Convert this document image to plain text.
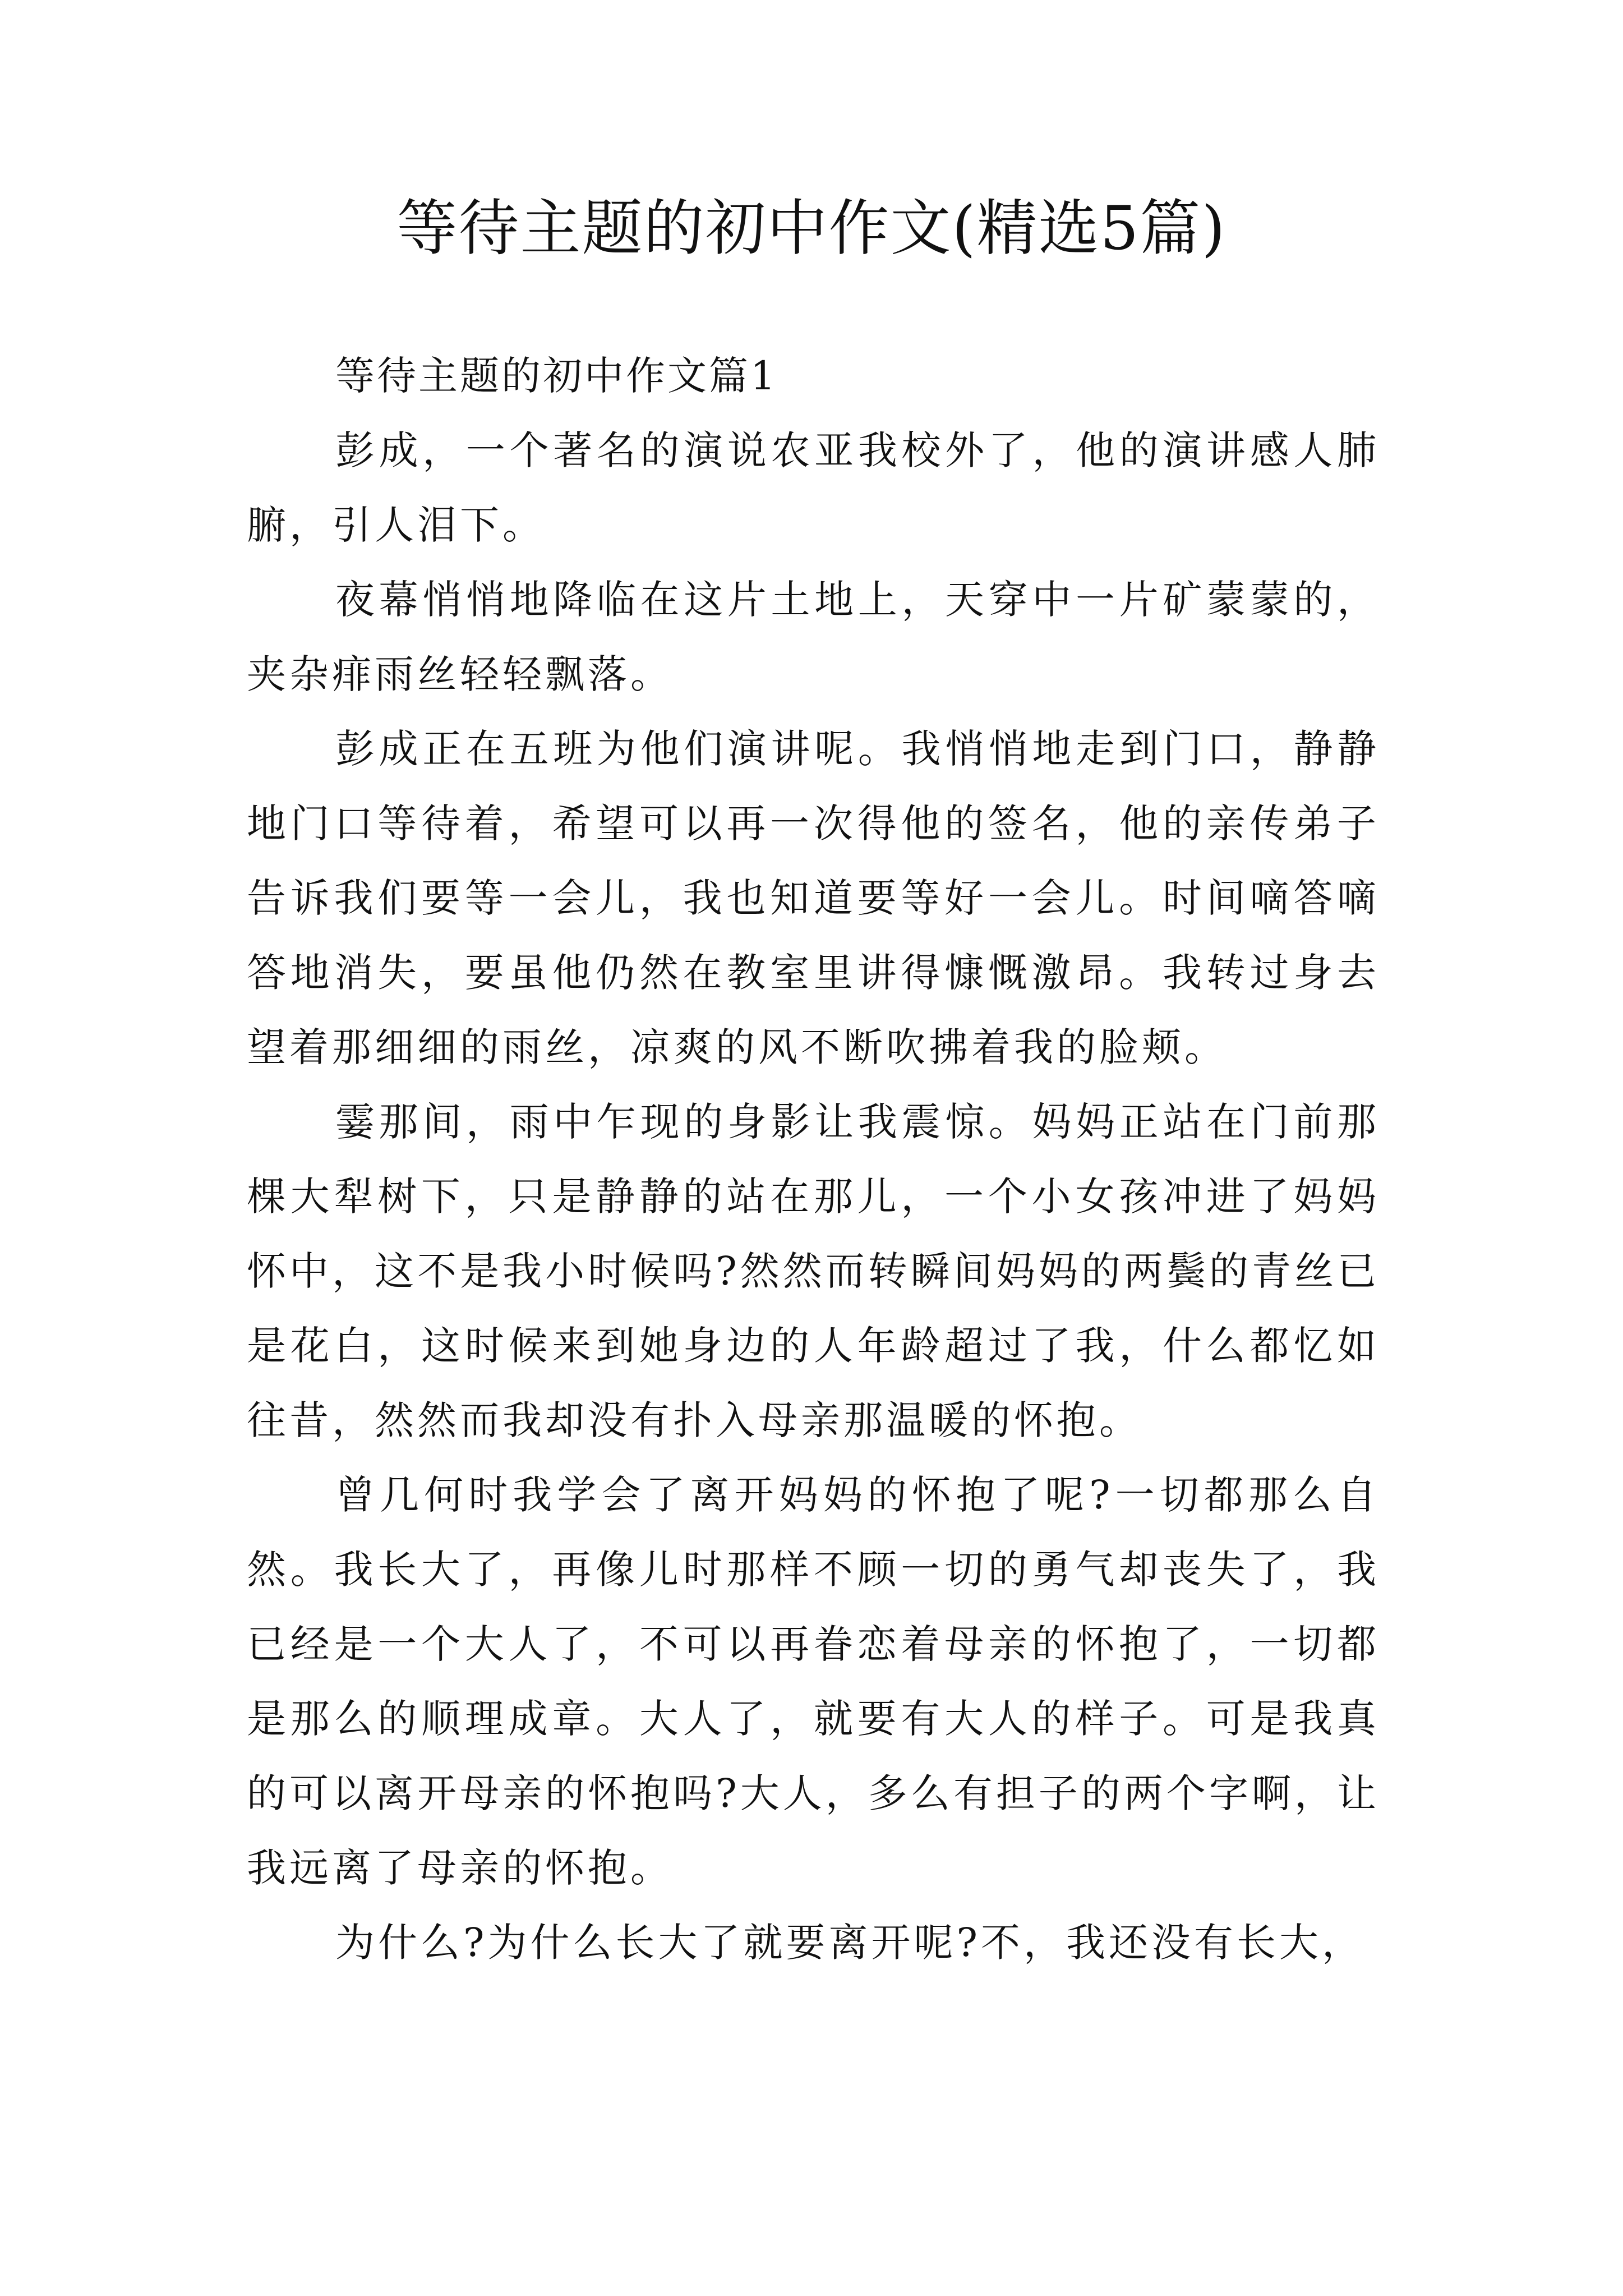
等待主题的初中作文(精选5篇)

等待主题的初中作文篇1

彭成，一个著名的演说农亚我校外了，他的演讲感人肺腑，引人泪下。

夜幕悄悄地降临在这片土地上，天穿中一片矿蒙蒙的，夹杂痱雨丝轻轻飘落。

彭成正在五班为他们演讲呢。我悄悄地走到门口，静静地门口等待着，希望可以再一次得他的签名，他的亲传弟子告诉我们要等一会儿，我也知道要等好一会儿。时间嘀答嘀答地消失，要虽他仍然在教室里讲得慷慨激昂。我转过身去望着那细细的雨丝，凉爽的风不断吹拂着我的脸颊。

霎那间，雨中乍现的身影让我震惊。妈妈正站在门前那棵大犁树下，只是静静的站在那儿，一个小女孩冲进了妈妈怀中，这不是我小时候吗?然然而转瞬间妈妈的两鬓的青丝已是花白，这时候来到她身边的人年龄超过了我，什么都忆如往昔，然然而我却没有扑入母亲那温暖的怀抱。

曾几何时我学会了离开妈妈的怀抱了呢?一切都那么自然。我长大了，再像儿时那样不顾一切的勇气却丧失了，我已经是一个大人了，不可以再眷恋着母亲的怀抱了，一切都是那么的顺理成章。大人了，就要有大人的样子。可是我真的可以离开母亲的怀抱吗?大人，多么有担子的两个字啊，让我远离了母亲的怀抱。

为什么?为什么长大了就要离开呢?不，我还没有长大，
